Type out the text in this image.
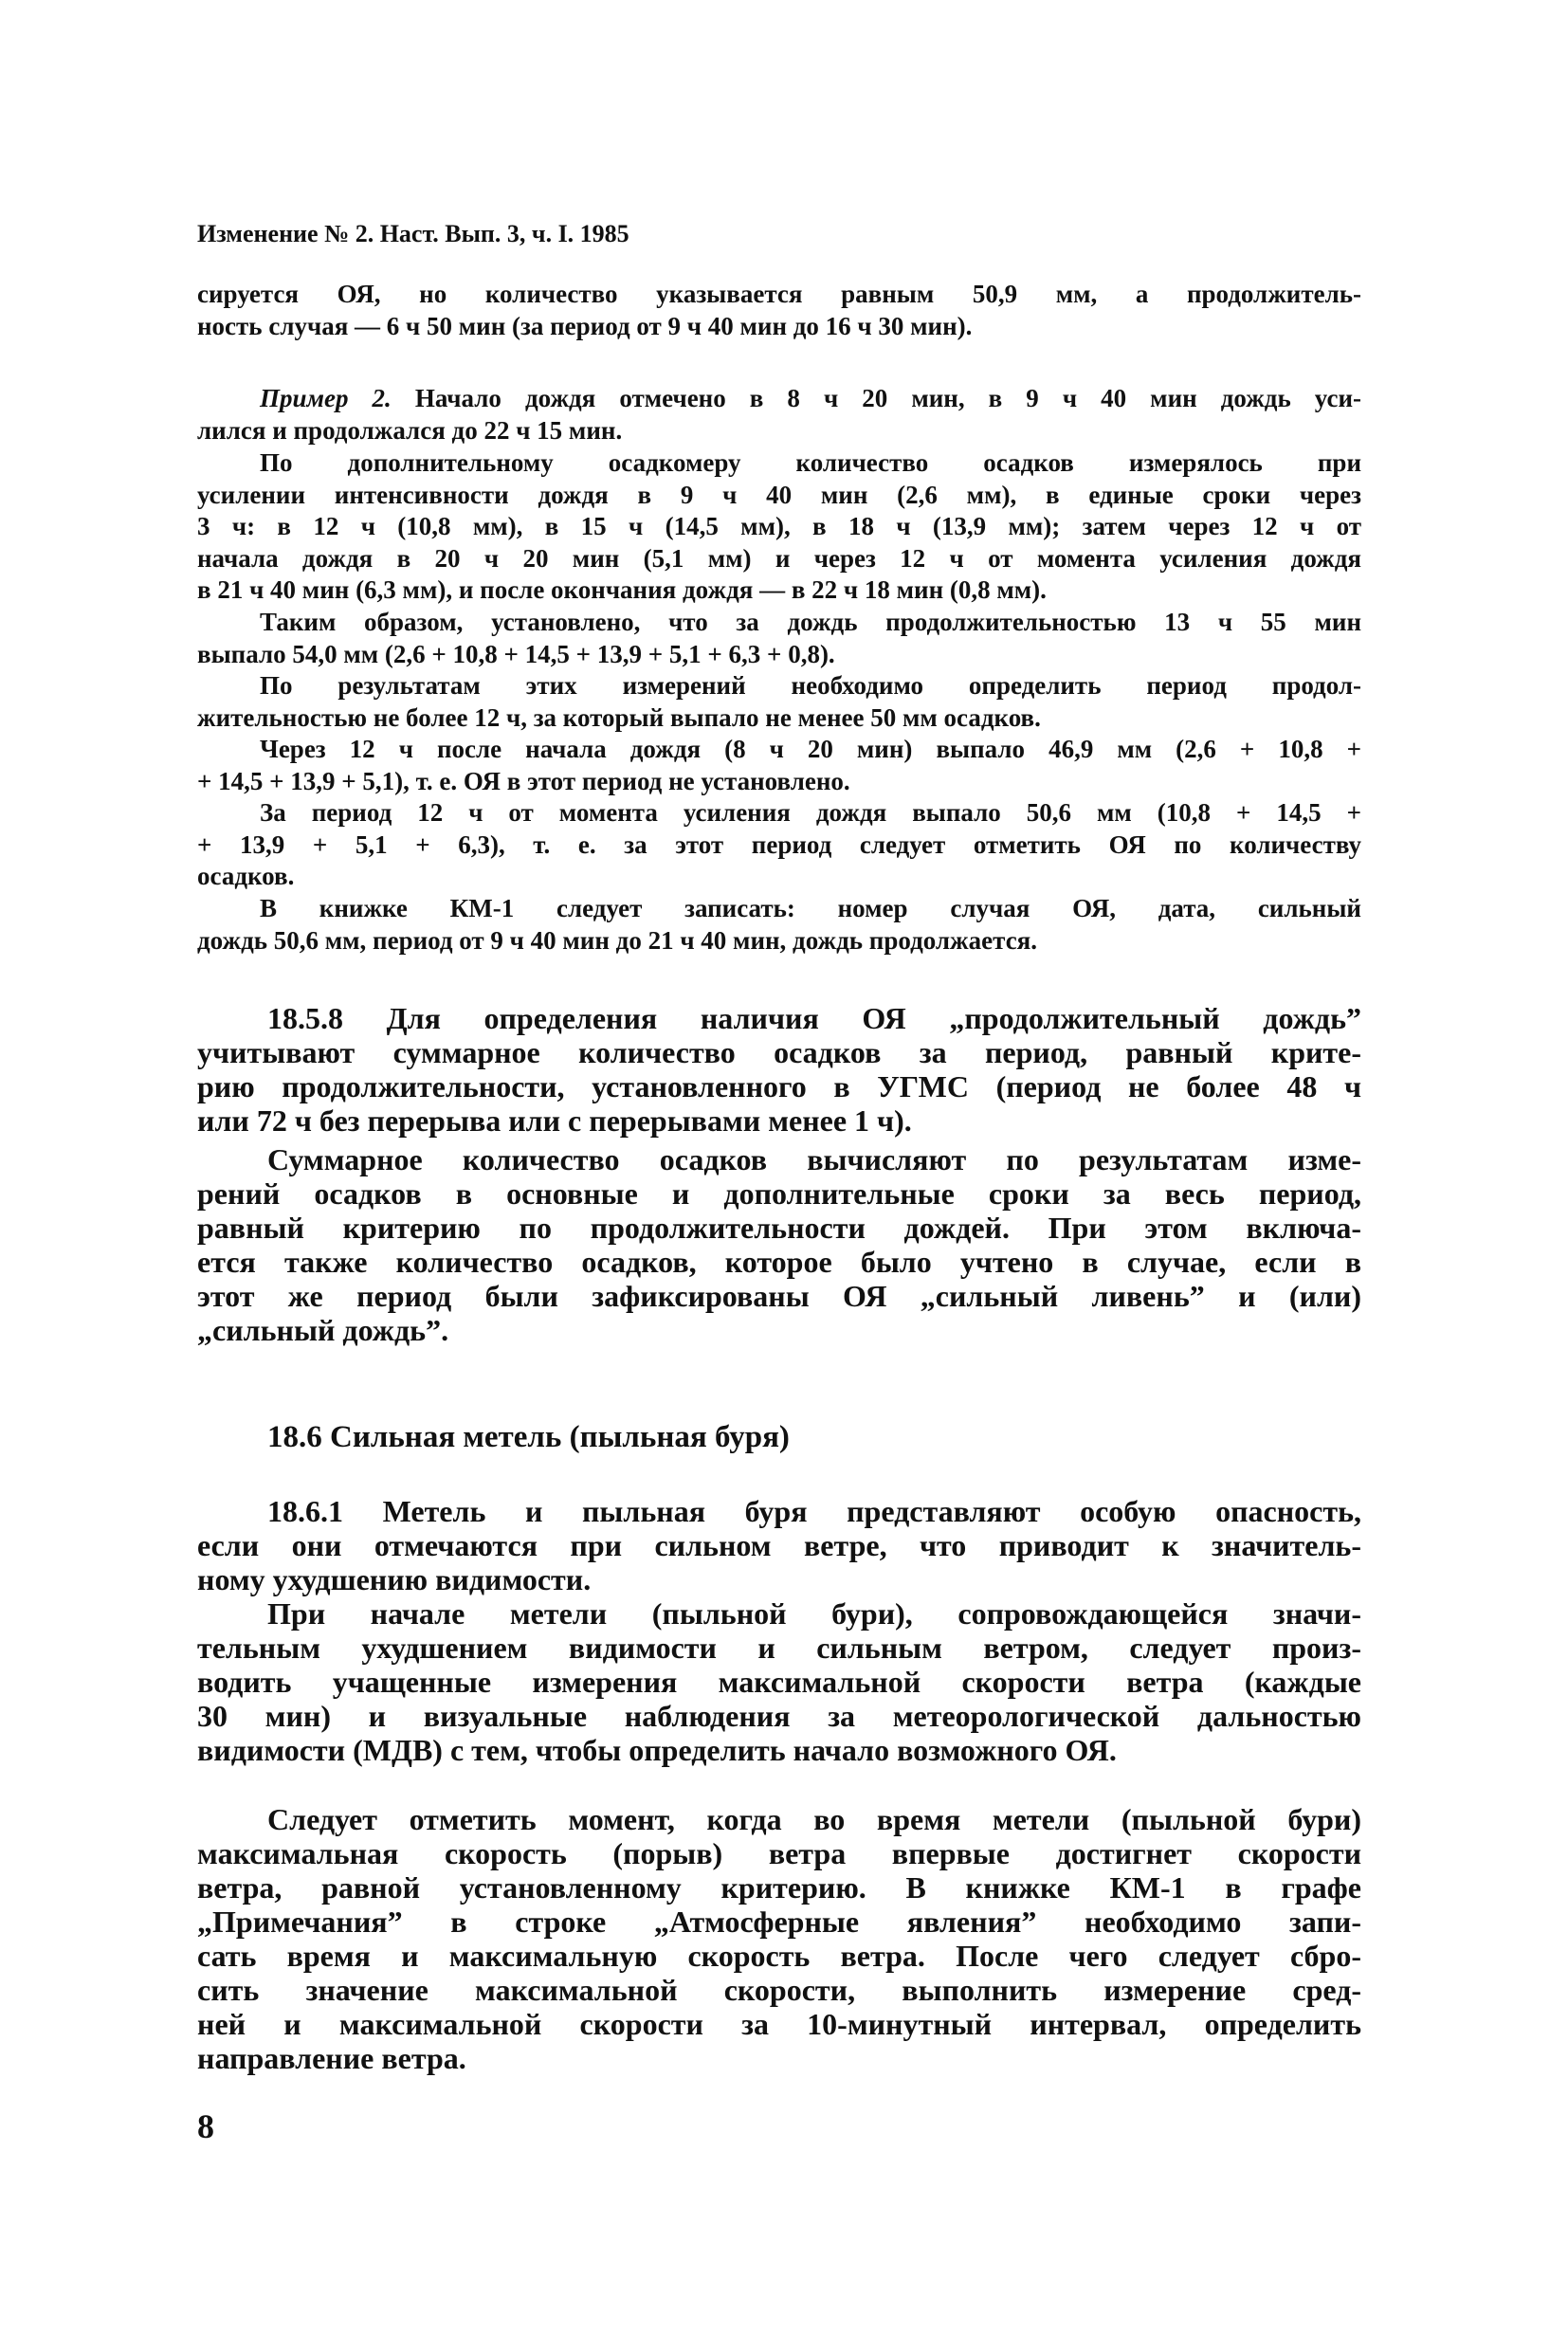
Изменение № 2. Наст. Вып. 3, ч. I. 1985
сируется ОЯ, но количество указывается равным 50,9 мм, а продолжитель-
ность случая — 6 ч 50 мин (за период от 9 ч 40 мин до 16 ч 30 мин).
Пример 2. Начало дождя отмечено в 8 ч 20 мин, в 9 ч 40 мин дождь уси-
лился и продолжался до 22 ч 15 мин.
По дополнительному осадкомеру количество осадков измерялось при
усилении интенсивности дождя в 9 ч 40 мин (2,6 мм), в единые сроки через
3 ч: в 12 ч (10,8 мм), в 15 ч (14,5 мм), в 18 ч (13,9 мм); затем через 12 ч от
начала дождя в 20 ч 20 мин (5,1 мм) и через 12 ч от момента усиления дождя
в 21 ч 40 мин (6,3 мм), и после окончания дождя — в 22 ч 18 мин (0,8 мм).
Таким образом, установлено, что за дождь продолжительностью 13 ч 55 мин
выпало 54,0 мм (2,6 + 10,8 + 14,5 + 13,9 + 5,1 + 6,3 + 0,8).
По результатам этих измерений необходимо определить период продол-
жительностью не более 12 ч, за который выпало не менее 50 мм осадков.
Через 12 ч после начала дождя (8 ч 20 мин) выпало 46,9 мм (2,6 + 10,8 +
+ 14,5 + 13,9 + 5,1), т. е. ОЯ в этот период не установлено.
За период 12 ч от момента усиления дождя выпало 50,6 мм (10,8 + 14,5 +
+ 13,9 + 5,1 + 6,3), т. е. за этот период следует отметить ОЯ по количеству
осадков.
В книжке КМ-1 следует записать: номер случая ОЯ, дата, сильный
дождь 50,6 мм, период от 9 ч 40 мин до 21 ч 40 мин, дождь продолжается.
18.5.8 Для определения наличия ОЯ „продолжительный дождь”
учитывают суммарное количество осадков за период, равный крите-
рию продолжительности, установленного в УГМС (период не более 48 ч
или 72 ч без перерыва или с перерывами менее 1 ч).
Суммарное количество осадков вычисляют по результатам изме-
рений осадков в основные и дополнительные сроки за весь период,
равный критерию по продолжительности дождей. При этом включа-
ется также количество осадков, которое было учтено в случае, если в
этот же период были зафиксированы ОЯ „сильный ливень” и (или)
„сильный дождь”.
18.6 Сильная метель (пыльная буря)
18.6.1 Метель и пыльная буря представляют особую опасность,
если они отмечаются при сильном ветре, что приводит к значитель-
ному ухудшению видимости.
При начале метели (пыльной бури), сопровождающейся значи-
тельным ухудшением видимости и сильным ветром, следует произ-
водить учащенные измерения максимальной скорости ветра (каждые
30 мин) и визуальные наблюдения за метеорологической дальностью
видимости (МДВ) с тем, чтобы определить начало возможного ОЯ.
Следует отметить момент, когда во время метели (пыльной бури)
максимальная скорость (порыв) ветра впервые достигнет скорости
ветра, равной установленному критерию. В книжке КМ-1 в графе
„Примечания” в строке „Атмосферные явления” необходимо запи-
сать время и максимальную скорость ветра. После чего следует сбро-
сить значение максимальной скорости, выполнить измерение сред-
ней и максимальной скорости за 10-минутный интервал, определить
направление ветра.
8
